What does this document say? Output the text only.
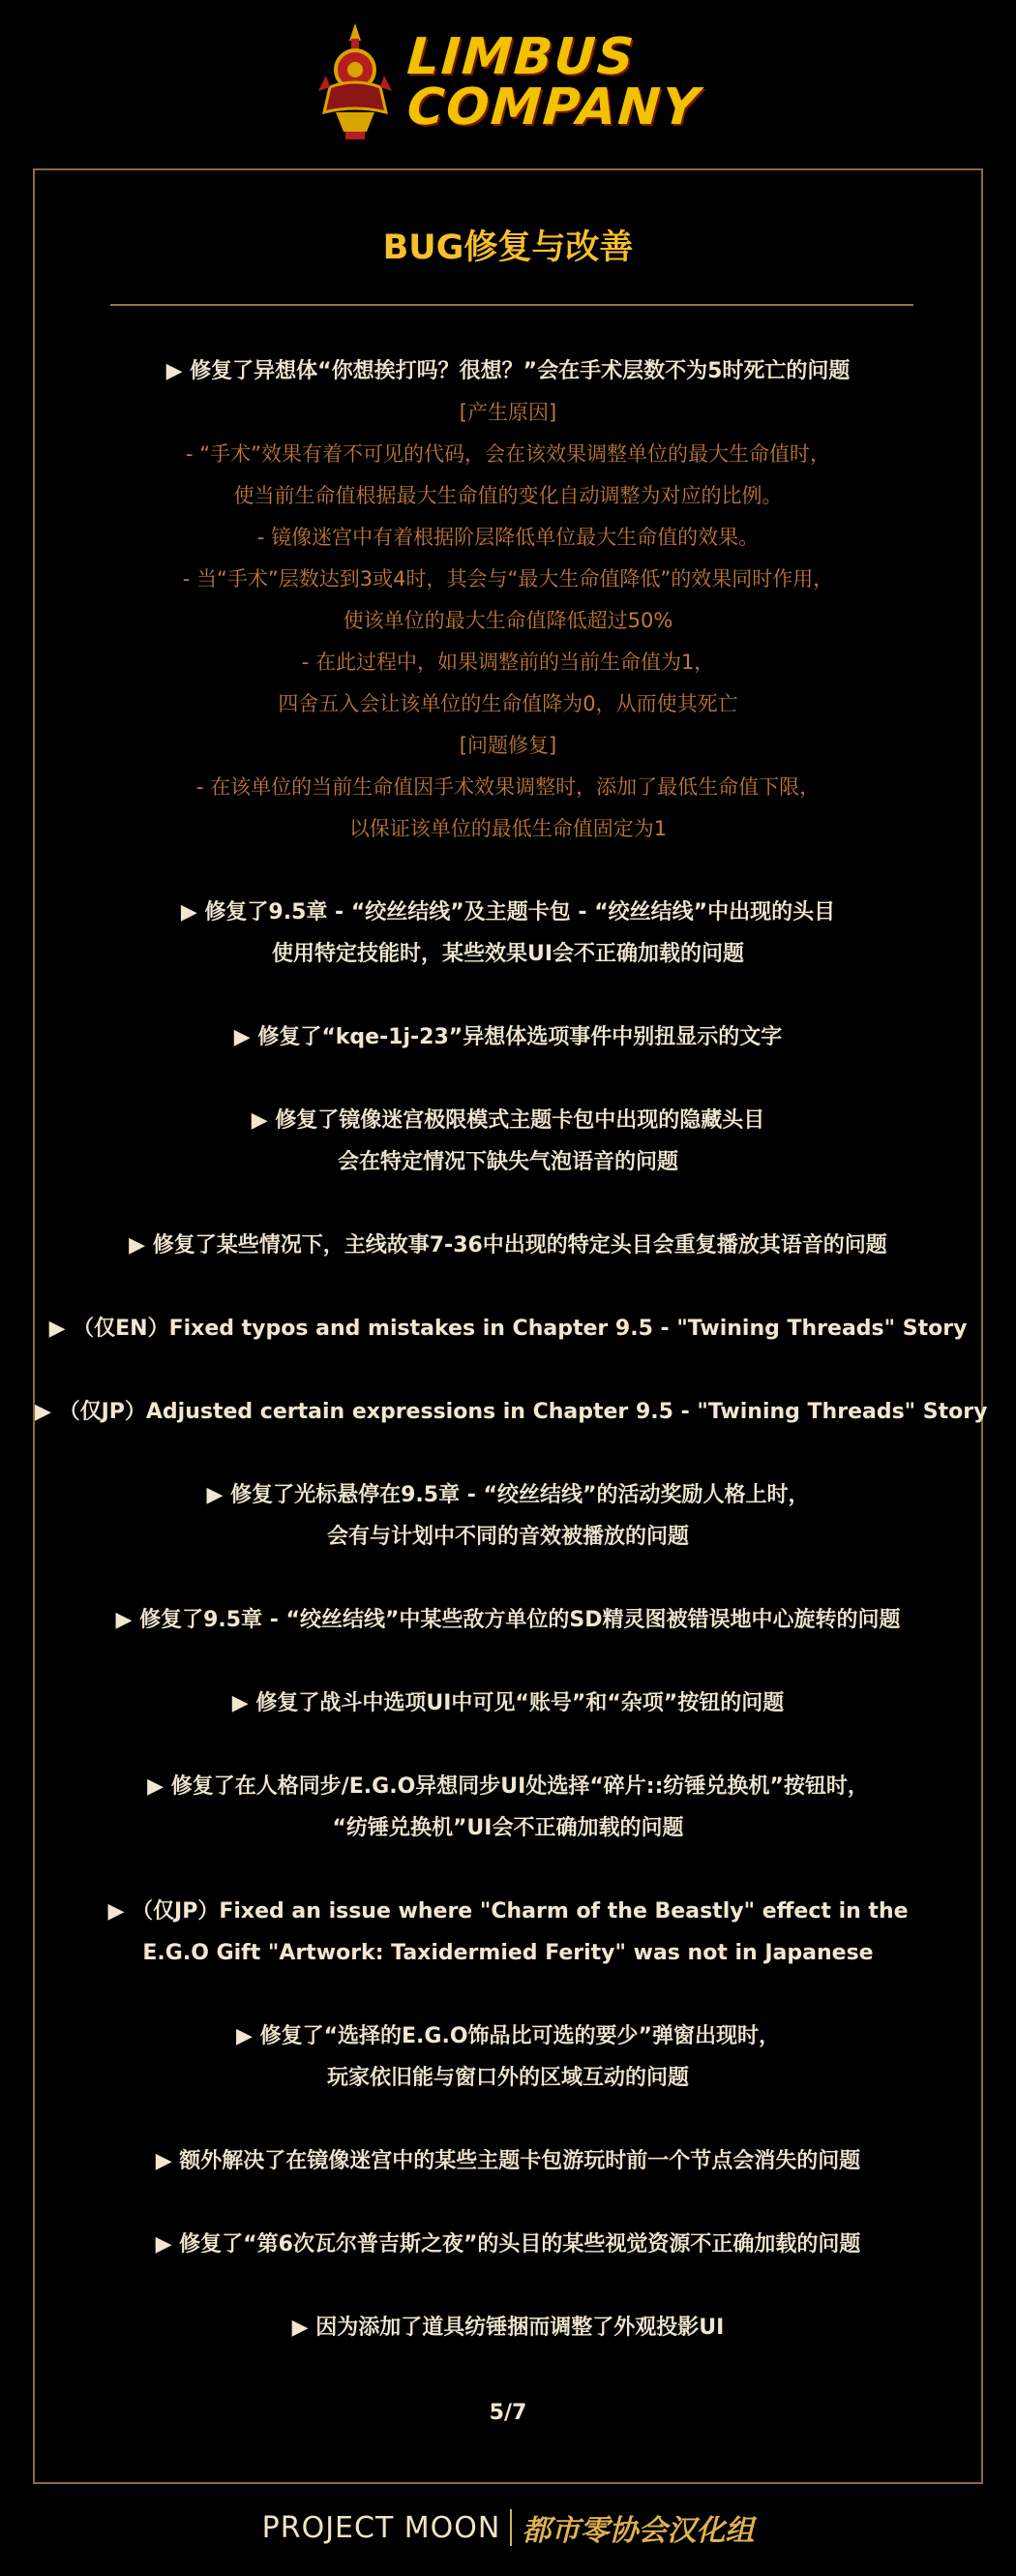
LIMBUS
COMPANY
BUG修复与改善
▶ 修复了异想体“你想挨打吗？很想？”会在手术层数不为5时死亡的问题
[产生原因]
- “手术”效果有着不可见的代码，会在该效果调整单位的最大生命值时，
使当前生命值根据最大生命值的变化自动调整为对应的比例。
- 镜像迷宫中有着根据阶层降低单位最大生命值的效果。
- 当“手术”层数达到3或4时，其会与“最大生命值降低”的效果同时作用，
使该单位的最大生命值降低超过50%
- 在此过程中，如果调整前的当前生命值为1，
四舍五入会让该单位的生命值降为0，从而使其死亡
[问题修复]
- 在该单位的当前生命值因手术效果调整时，添加了最低生命值下限，
以保证该单位的最低生命值固定为1
▶ 修复了9.5章 - “绞丝结线”及主题卡包 - “绞丝结线”中出现的头目
使用特定技能时，某些效果UI会不正确加载的问题
▶ 修复了“kqe-1j-23”异想体选项事件中别扭显示的文字
▶ 修复了镜像迷宫极限模式主题卡包中出现的隐藏头目
会在特定情况下缺失气泡语音的问题
▶ 修复了某些情况下，主线故事7-36中出现的特定头目会重复播放其语音的问题
▶ （仅EN）Fixed typos and mistakes in Chapter 9.5 - "Twining Threads" Story
▶ （仅JP）Adjusted certain expressions in Chapter 9.5 - "Twining Threads" Story
▶ 修复了光标悬停在9.5章 - “绞丝结线”的活动奖励人格上时，
会有与计划中不同的音效被播放的问题
▶ 修复了9.5章 - “绞丝结线”中某些敌方单位的SD精灵图被错误地中心旋转的问题
▶ 修复了战斗中选项UI中可见“账号”和“杂项”按钮的问题
▶ 修复了在人格同步/E.G.O异想同步UI处选择“碎片::纺锤兑换机”按钮时，
“纺锤兑换机”UI会不正确加载的问题
▶ （仅JP）Fixed an issue where "Charm of the Beastly" effect in the
E.G.O Gift "Artwork: Taxidermied Ferity" was not in Japanese
▶ 修复了“选择的E.G.O饰品比可选的要少”弹窗出现时，
玩家依旧能与窗口外的区域互动的问题
▶ 额外解决了在镜像迷宫中的某些主题卡包游玩时前一个节点会消失的问题
▶ 修复了“第6次瓦尔普吉斯之夜”的头目的某些视觉资源不正确加载的问题
▶ 因为添加了道具纺锤捆而调整了外观投影UI
5/7
PROJECT MOON 都市零协会汉化组
